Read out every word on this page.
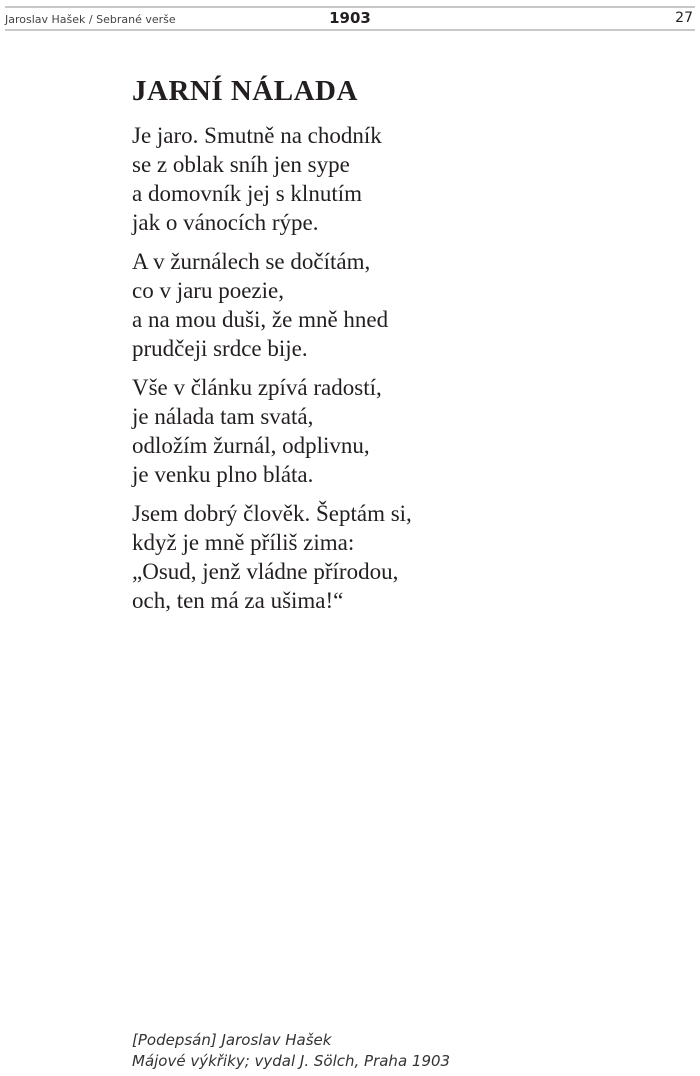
Jaroslav Hašek / Sebrané verše	1903	27
JARNÍ NÁLADA

Je jaro. Smutně na chodník
se z oblak sníh jen sype
a domovník jej s klnutím
jak o vánocích rýpe.

A v žurnálech se dočítám,
co v jaru poezie,
a na mou duši, že mně hned
prudčeji srdce bije.

Vše v článku zpívá radostí,
je nálada tam svatá,
odložím žurnál, odplivnu,
je venku plno bláta.

Jsem dobrý člověk. Šeptám si,
když je mně příliš zima:
„Osud, jenž vládne přírodou,
och, ten má za ušima!“

[Podepsán] Jaroslav Hašek
Májové výkřiky; vydal J. Sölch, Praha 1903
